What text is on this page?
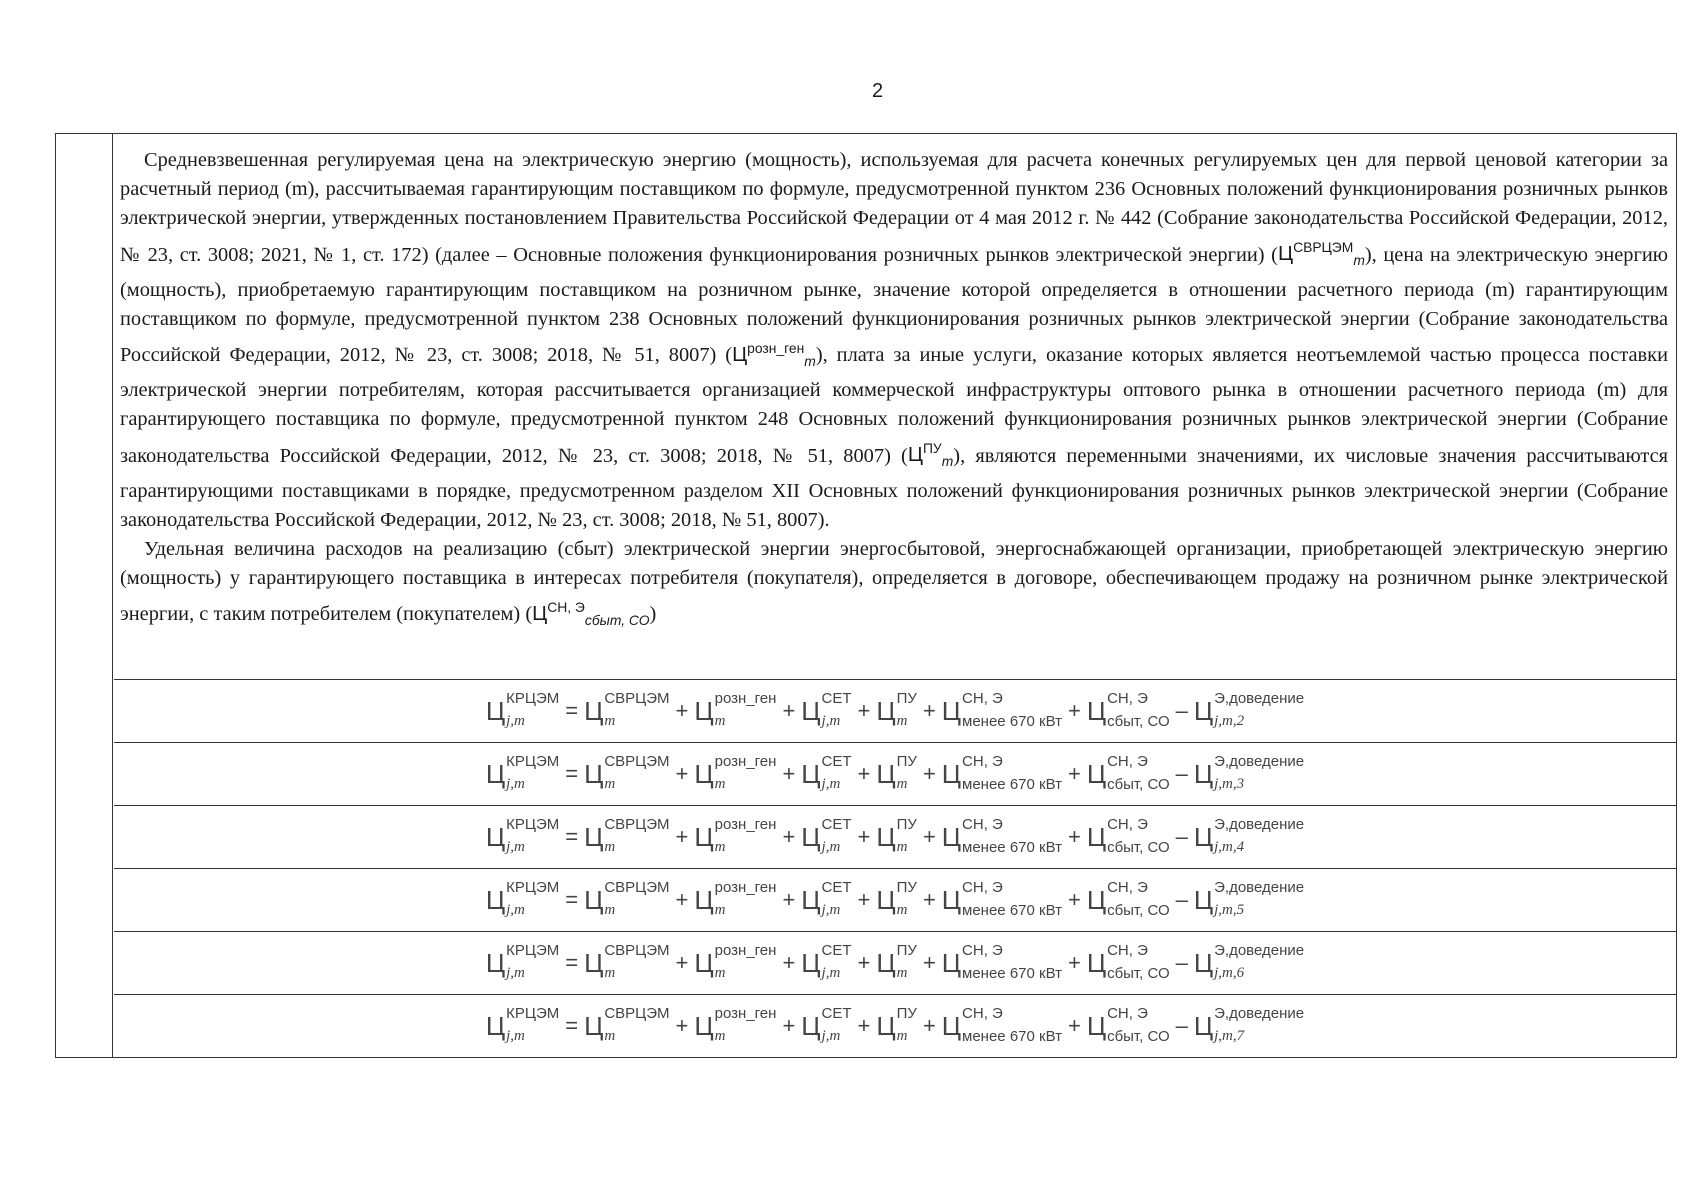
2

Средневзвешенная регулируемая цена на электрическую энергию (мощность), используемая для расчета конечных регулируемых цен для первой ценовой категории за расчетный период (m), рассчитываемая гарантирующим поставщиком по формуле, предусмотренной пунктом 236 Основных положений функционирования розничных рынков электрической энергии, утвержденных постановлением Правительства Российской Федерации от 4 мая 2012 г. № 442 (Собрание законодательства Российской Федерации, 2012, № 23, ст. 3008; 2021, № 1, ст. 172) (далее – Основные положения функционирования розничных рынков электрической энергии) $(Ц^{СВРЦЭМ}_m)$, цена на электрическую энергию (мощность), приобретаемую гарантирующим поставщиком на розничном рынке, значение которой определяется в отношении расчетного периода (m) гарантирующим поставщиком по формуле, предусмотренной пунктом 238 Основных положений функционирования розничных рынков электрической энергии (Собрание законодательства Российской Федерации, 2012, № 23, ст. 3008; 2018, № 51, 8007) $(Ц^{розн\_ген}_m)$, плата за иные услуги, оказание которых является неотъемлемой частью процесса поставки электрической энергии потребителям, которая рассчитывается организацией коммерческой инфраструктуры оптового рынка в отношении расчетного периода (m) для гарантирующего поставщика по формуле, предусмотренной пунктом 248 Основных положений функционирования розничных рынков электрической энергии (Собрание законодательства Российской Федерации, 2012, № 23, ст. 3008; 2018, № 51, 8007) $(Ц^{ПУ}_m)$, являются переменными значениями, их числовые значения рассчитываются гарантирующими поставщиками в порядке, предусмотренном разделом XII Основных положений функционирования розничных рынков электрической энергии (Собрание законодательства Российской Федерации, 2012, № 23, ст. 3008; 2018, № 51, 8007).

Удельная величина расходов на реализацию (сбыт) электрической энергии энергосбытовой, энергоснабжающей организации, приобретающей электрическую энергию (мощность) у гарантирующего поставщика в интересах потребителя (покупателя), определяется в договоре, обеспечивающем продажу на розничном рынке электрической энергии, с таким потребителем (покупателем) $(Ц^{СН, Э}_{сбыт, СО})$

Ц КРЦЭМ
j,m	= Ц СВРЦЭМ
m	+ Ц розн_ген
m	+ Ц СЕТ
j,m + Ц ПУ
m + Ц СН, Э
менее 670 кВт + Ц СН, Э
сбыт, СО – Ц Э,доведение
j,m,2
Ц КРЦЭМ
j,m	= Ц СВРЦЭМ
m	+ Ц розн_ген
m	+ Ц СЕТ
j,m + Ц ПУ
m + Ц СН, Э
менее 670 кВт + Ц СН, Э
сбыт, СО – Ц Э,доведение
j,m,3
Ц КРЦЭМ
j,m	= Ц СВРЦЭМ
m	+ Ц розн_ген
m	+ Ц СЕТ
j,m + Ц ПУ
m + Ц СН, Э
менее 670 кВт + Ц СН, Э
сбыт, СО – Ц Э,доведение
j,m,4
Ц КРЦЭМ
j,m	= Ц СВРЦЭМ
m	+ Ц розн_ген
m	+ Ц СЕТ
j,m + Ц ПУ
m + Ц СН, Э
менее 670 кВт + Ц СН, Э
сбыт, СО – Ц Э,доведение
j,m,5
Ц КРЦЭМ
j,m	= Ц СВРЦЭМ
m	+ Ц розн_ген
m	+ Ц СЕТ
j,m + Ц ПУ
m + Ц СН, Э
менее 670 кВт + Ц СН, Э
сбыт, СО – Ц Э,доведение
j,m,6
Ц КРЦЭМ
j,m	= Ц СВРЦЭМ
m	+ Ц розн_ген
m	+ Ц СЕТ
j,m + Ц ПУ
m + Ц СН, Э
менее 670 кВт + Ц СН, Э
сбыт, СО – Ц Э,доведение
j,m,7
